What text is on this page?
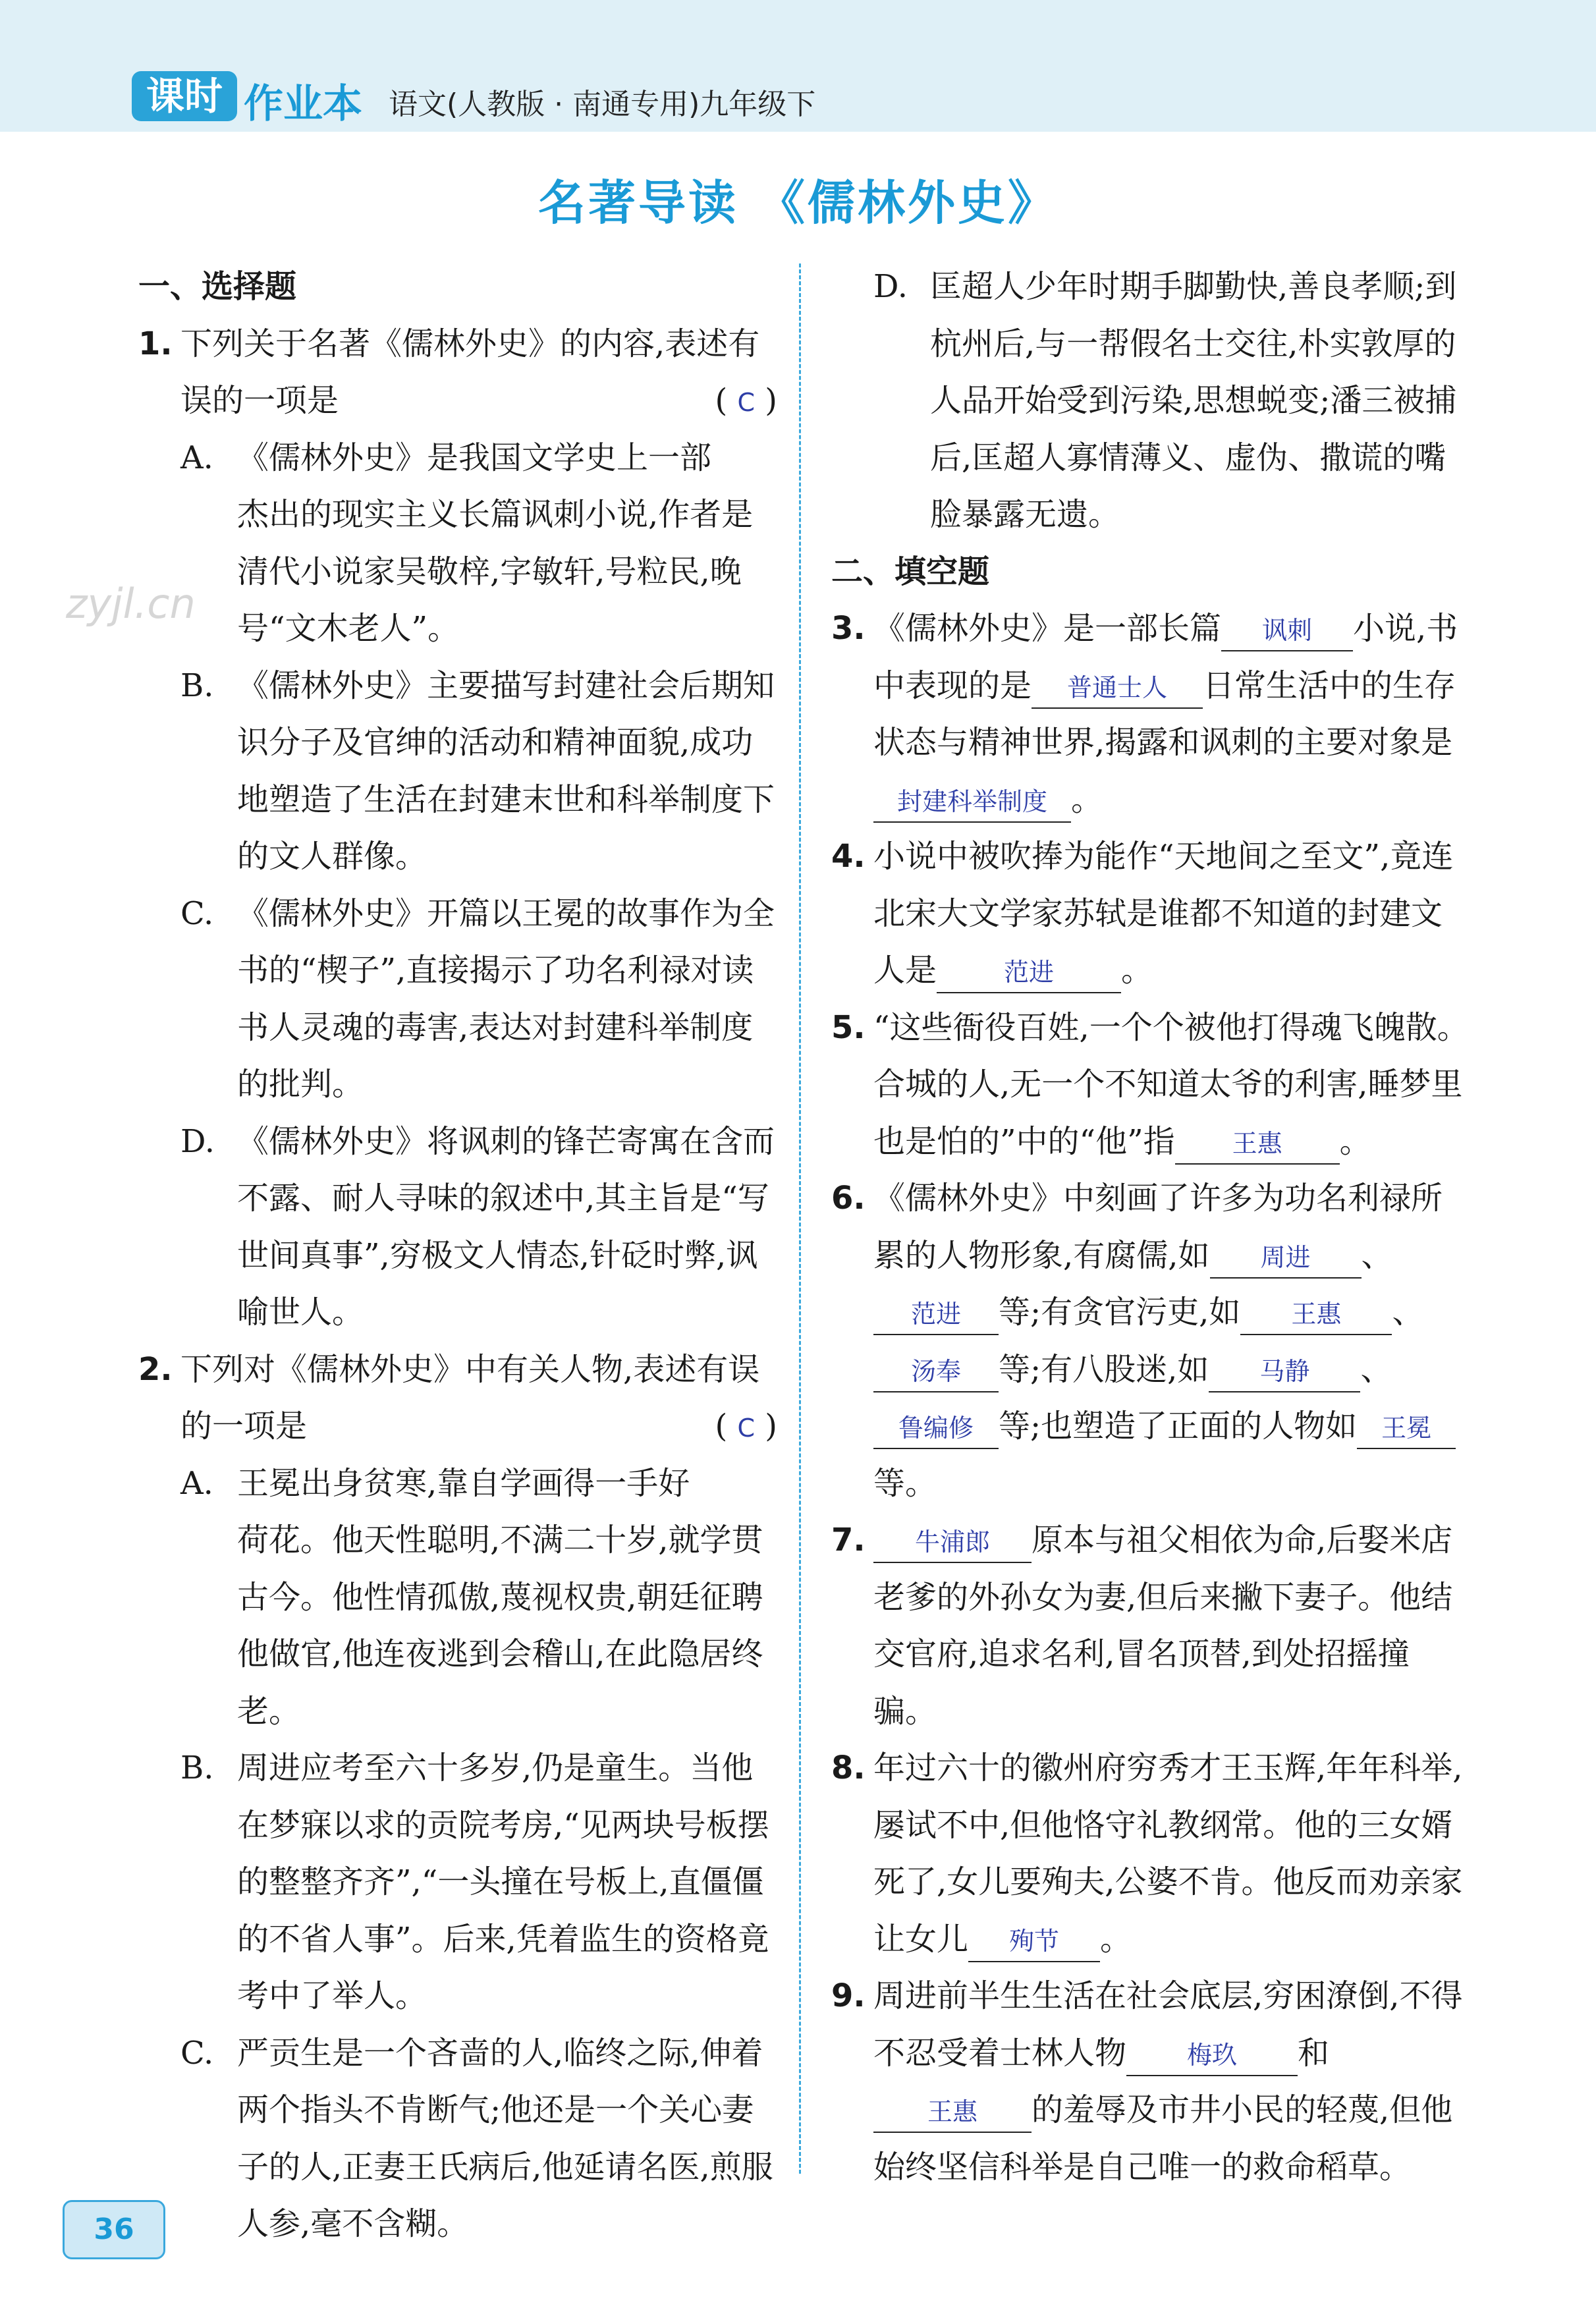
课时 作业本 语文(人教版 · 南通专用)九年级下
名著导读 《儒林外史》
zyjl.cn
一、选择题
1. 下列关于名著《儒林外史》的内容,表述有误的一项是	( C )
A. 《儒林外史》是我国文学史上一部杰出的现实主义长篇讽刺小说,作者是清代小说家吴敬梓,字敏轩,号粒民,晚号“文木老人”。
B. 《儒林外史》主要描写封建社会后期知识分子及官绅的活动和精神面貌,成功地塑造了生活在封建末世和科举制度下的文人群像。
C. 《儒林外史》开篇以王冕的故事作为全书的“楔子”,直接揭示了功名利禄对读书人灵魂的毒害,表达对封建科举制度的批判。
D. 《儒林外史》将讽刺的锋芒寄寓在含而不露、耐人寻味的叙述中,其主旨是“写世间真事”,穷极文人情态,针砭时弊,讽喻世人。
2. 下列对《儒林外史》中有关人物,表述有误的一项是	( C )
A. 王冕出身贫寒,靠自学画得一手好荷花。他天性聪明,不满二十岁,就学贯古今。他性情孤傲,蔑视权贵,朝廷征聘他做官,他连夜逃到会稽山,在此隐居终老。
B. 周进应考至六十多岁,仍是童生。当他在梦寐以求的贡院考房,“见两块号板摆的整整齐齐”,“一头撞在号板上,直僵僵的不省人事”。后来,凭着监生的资格竟考中了举人。
C. 严贡生是一个吝啬的人,临终之际,伸着两个指头不肯断气;他还是一个关心妻子的人,正妻王氏病后,他延请名医,煎服人参,毫不含糊。
D. 匡超人少年时期手脚勤快,善良孝顺;到杭州后,与一帮假名士交往,朴实敦厚的人品开始受到污染,思想蜕变;潘三被捕后,匡超人寡情薄义、虚伪、撒谎的嘴脸暴露无遗。
二、填空题
3. 《儒林外史》是一部长篇 讽刺 小说,书中表现的是 普通士人 日常生活中的生存状态与精神世界,揭露和讽刺的主要对象是封建科举制度 。
4. 小说中被吹捧为能作“天地间之至文”,竟连北宋大文学家苏轼是谁都不知道的封建文人是	范进 。
5. “这些衙役百姓,一个个被他打得魂飞魄散。合城的人,无一个不知道太爷的利害,睡梦里也是怕的”中的“他”指 王惠 。
6. 《儒林外史》中刻画了许多为功名利禄所累的人物形象,有腐儒,如 周进 、范进 等;有贪官污吏,如 王惠 、汤奉 等;有八股迷,如 马静 、鲁编修 等;也塑造了正面的人物如 王冕等。
7. 牛浦郎 原本与祖父相依为命,后娶米店老爹的外孙女为妻,但后来撇下妻子。他结交官府,追求名利,冒名顶替,到处招摇撞骗。
8. 年过六十的徽州府穷秀才王玉辉,年年科举,屡试不中,但他恪守礼教纲常。他的三女婿死了,女儿要殉夫,公婆不肯。他反而劝亲家让女儿 殉节 。
9. 周进前半生生活在社会底层,穷困潦倒,不得不忍受着士林人物 梅玖 和王惠 的羞辱及市井小民的轻蔑,但他始终坚信科举是自己唯一的救命稻草。
36
